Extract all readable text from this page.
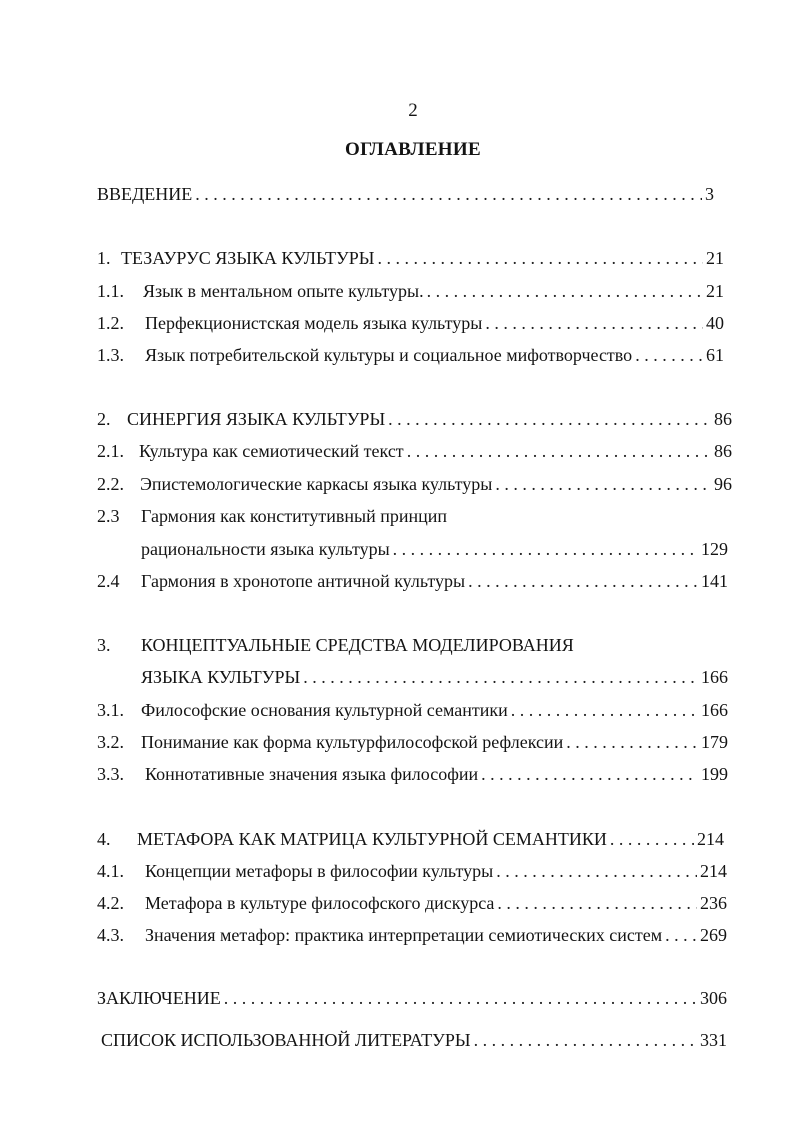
2
ОГЛАВЛЕНИЕ
ВВЕДЕНИЕ . . .	3
1. ТЕЗАУРУС ЯЗЫКА КУЛЬТУРЫ . . .	21
1.1.	Язык в ментальном опыте культуры. . . .	21
1.2.	Перфекционистская модель языка культуры . . .	40
1.3.	Язык потребительской культуры и социальное мифотворчество . . .	61
2. СИНЕРГИЯ ЯЗЫКА КУЛЬТУРЫ . . .	86
2.1. Культура как семиотический текст . . .	86
2.2. Эпистемологические каркасы языка культуры . . .	96
2.3	Гармония как конститутивный принцип
рациональности языка культуры . . .	129
2.4	Гармония в хронотопе античной культуры . . .	141
3.	КОНЦЕПТУАЛЬНЫЕ СРЕДСТВА МОДЕЛИРОВАНИЯ
ЯЗЫКА КУЛЬТУРЫ . . .	166
3.1. Философские основания культурной семантики . . .	166
3.2. Понимание как форма культурфилософской рефлексии . . .	179
3.3.	Коннотативные значения языка философии . . .	199
4.	МЕТАФОРА КАК МАТРИЦА КУЛЬТУРНОЙ СЕМАНТИКИ . . .	214
4.1.	Концепции метафоры в философии культуры . . .	214
4.2.	Метафора в культуре философского дискурса . . .	236
4.3.	Значения метафор: практика интерпретации семиотических систем . . . 269
ЗАКЛЮЧЕНИЕ . . .	306
СПИСОК ИСПОЛЬЗОВАННОЙ ЛИТЕРАТУРЫ . . .	331
